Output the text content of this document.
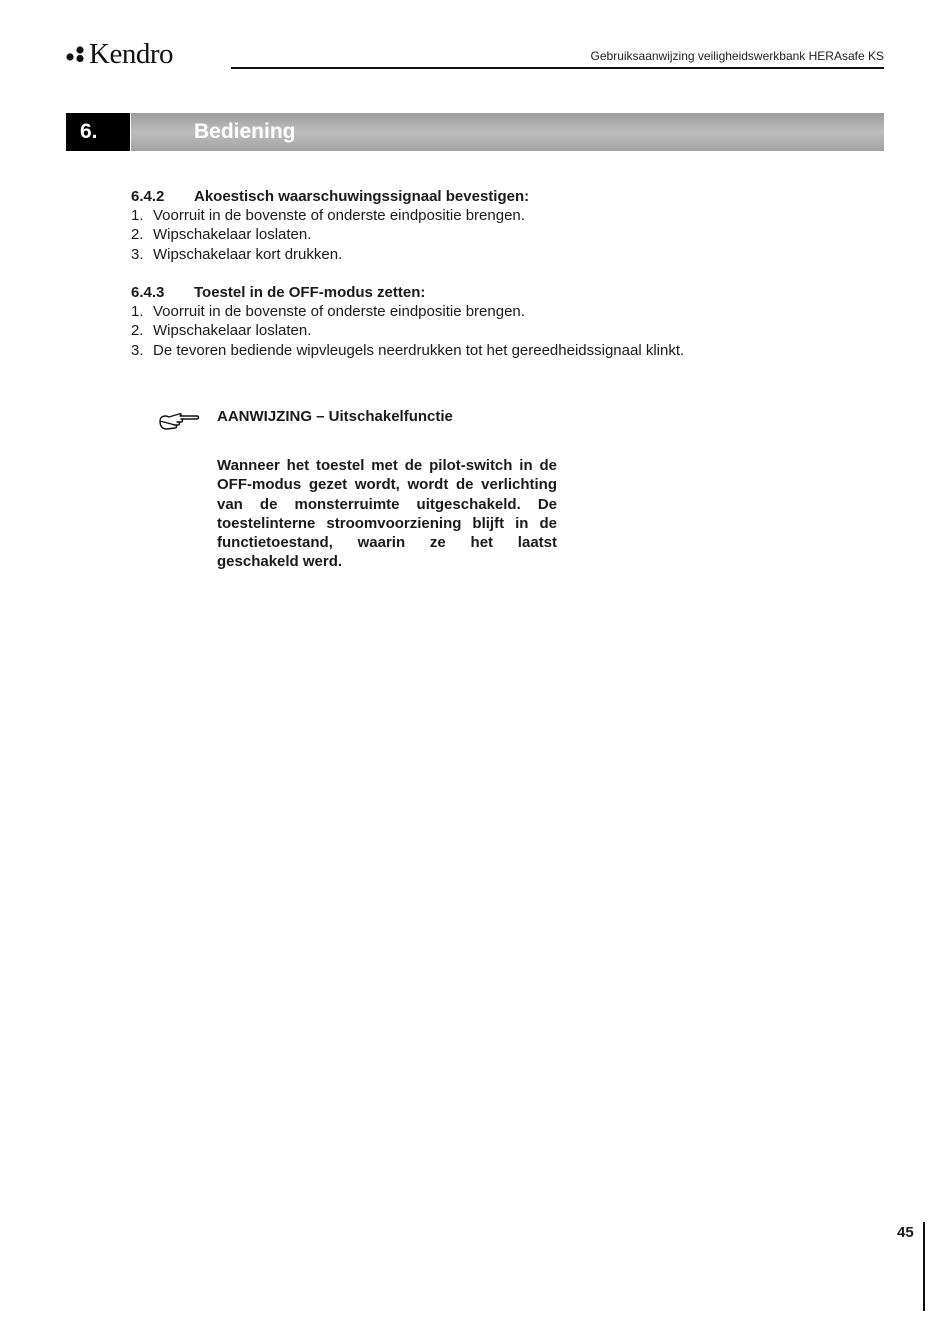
Kendro	Gebruiksaanwijzing veiligheidswerkbank HERAsafe KS
6.	Bediening
6.4.2	Akoestisch waarschuwingssignaal bevestigen:
1. Voorruit in de bovenste of onderste eindpositie brengen.
2. Wipschakelaar loslaten.
3. Wipschakelaar kort drukken.
6.4.3	Toestel in de OFF-modus zetten:
1. Voorruit in de bovenste of onderste eindpositie brengen.
2. Wipschakelaar loslaten.
3. De tevoren bediende wipvleugels neerdrukken tot het gereedheidssignaal klinkt.
AANWIJZING – Uitschakelfunctie
Wanneer het toestel met de pilot-switch in de OFF-modus gezet wordt, wordt de verlichting van de monsterruimte uitgeschakeld. De toestelinterne stroomvoorziening blijft in de functietoestand, waarin ze het laatst geschakeld werd.
45
